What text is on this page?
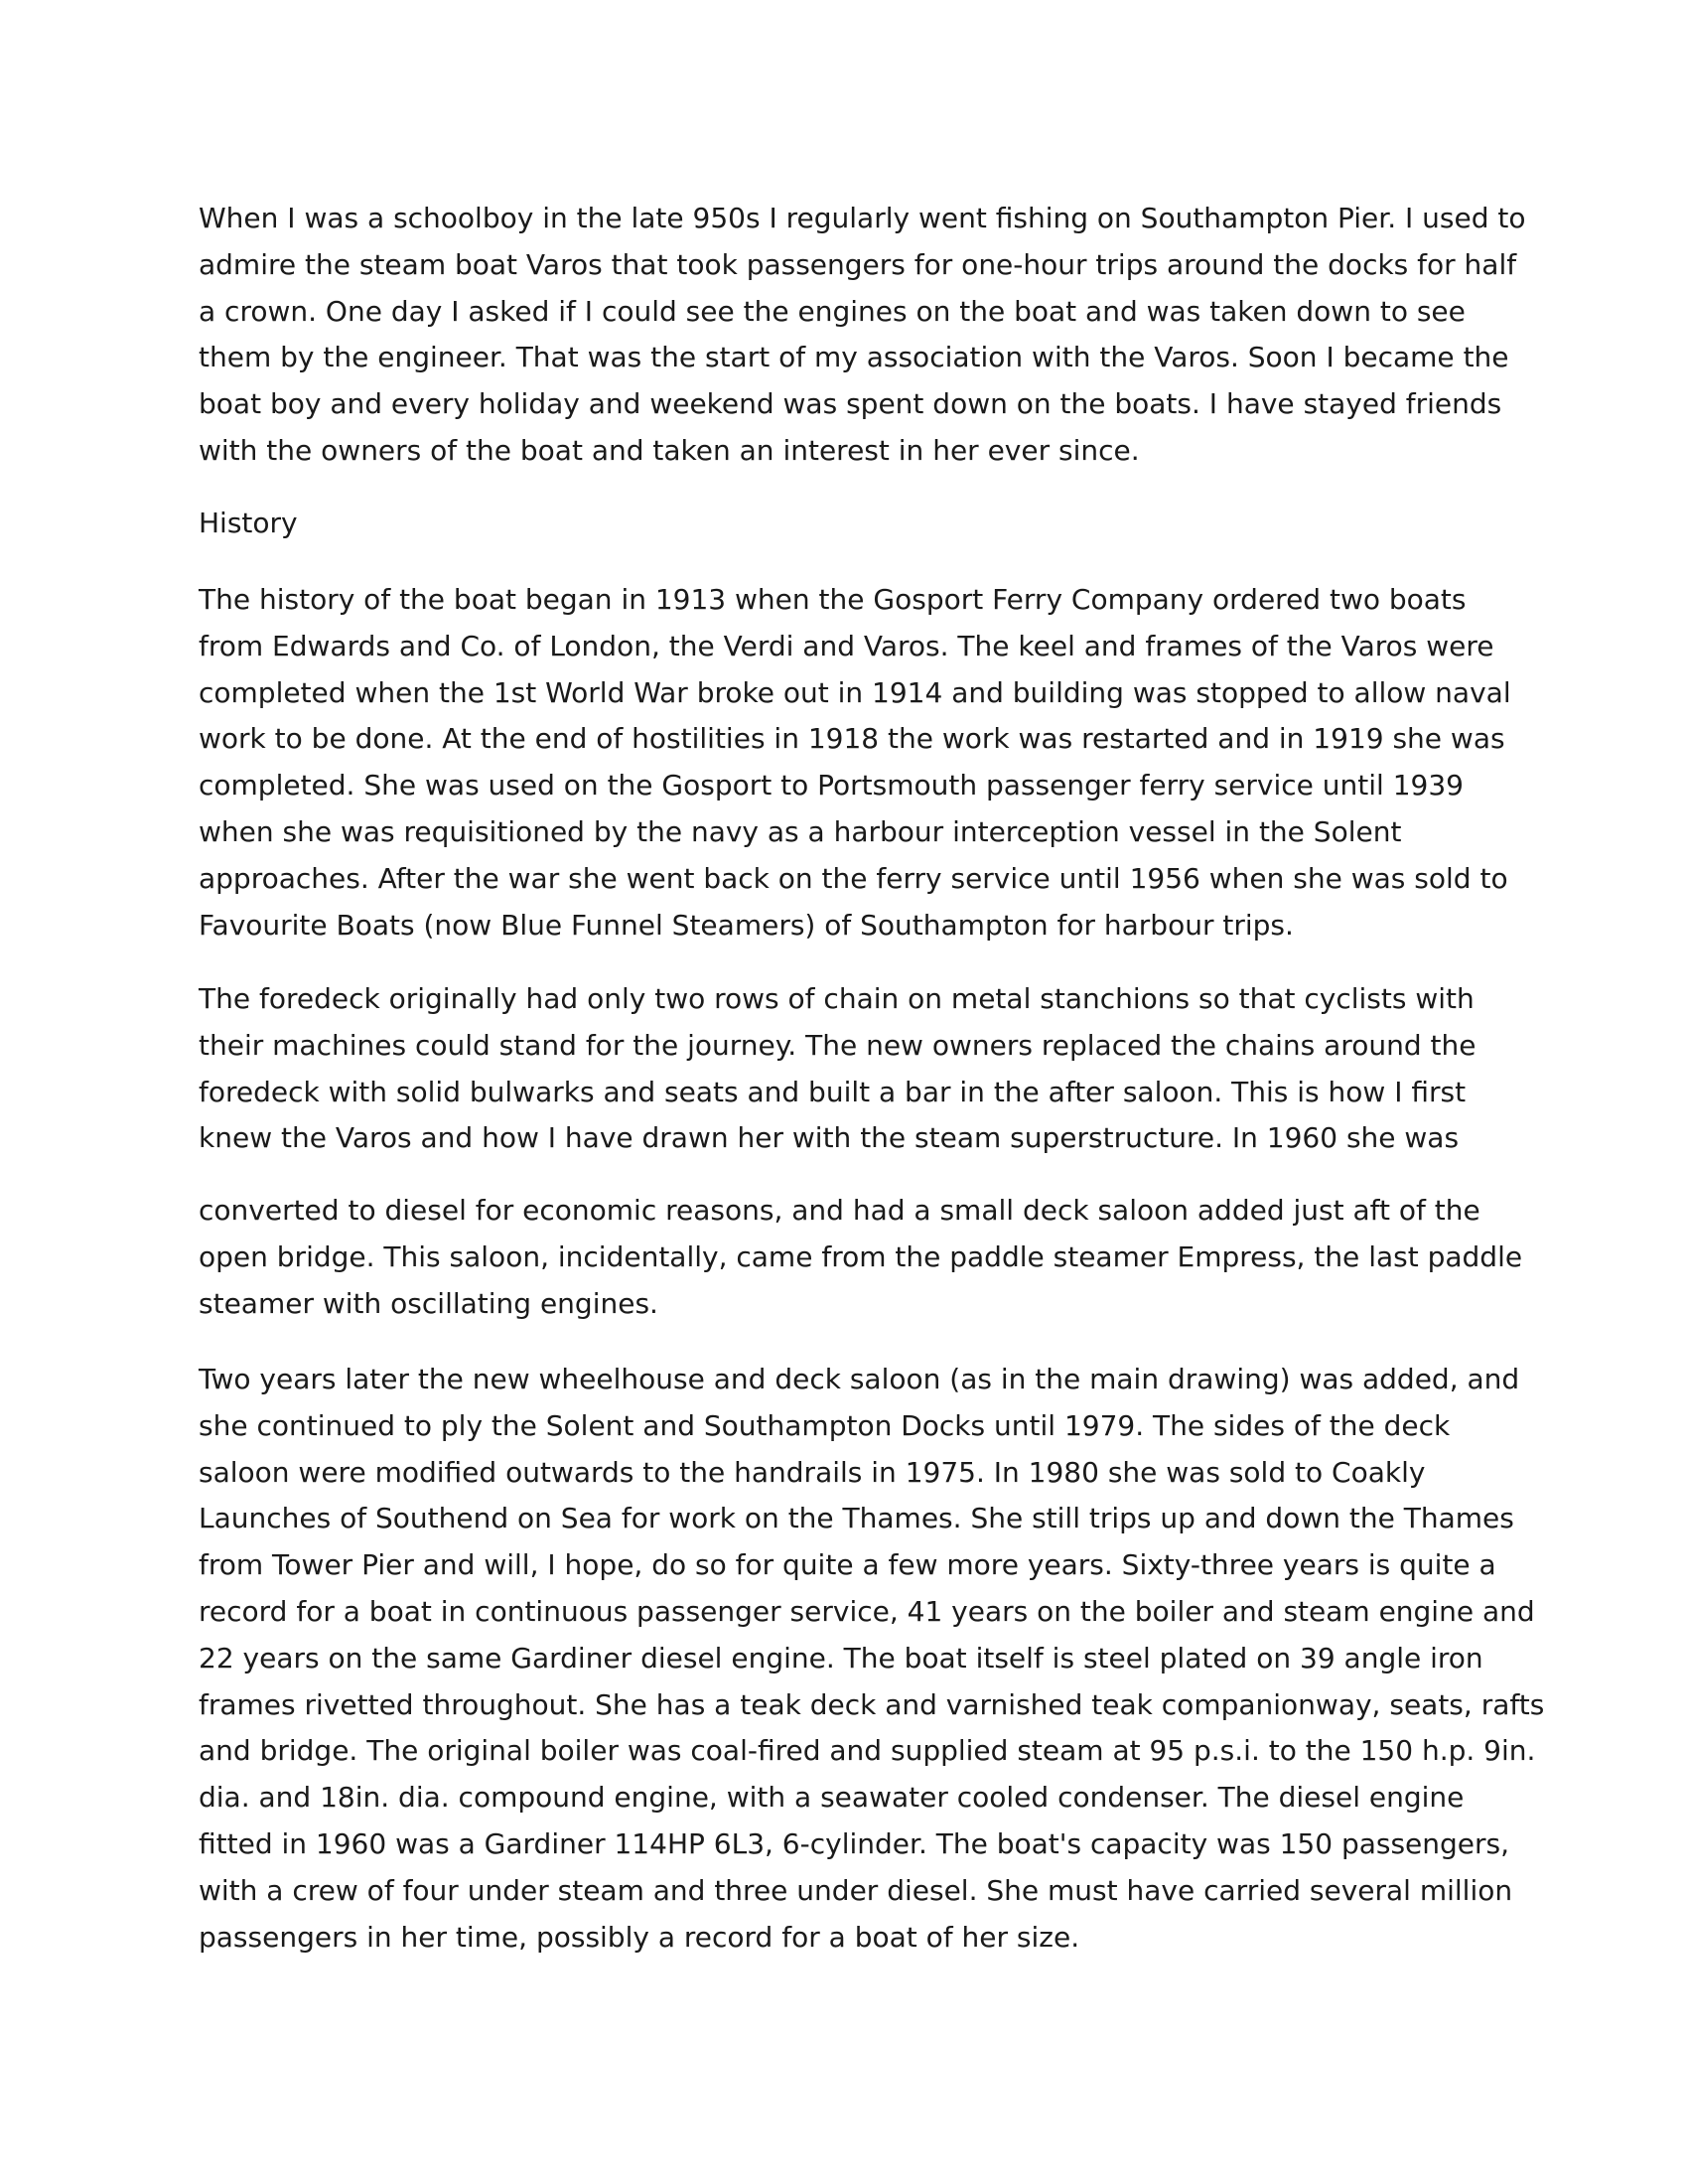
When I was a schoolboy in the late 950s I regularly went fishing on Southampton Pier. I used to
admire the steam boat Varos that took passengers for one-hour trips around the docks for half
a crown. One day I asked if I could see the engines on the boat and was taken down to see
them by the engineer. That was the start of my association with the Varos. Soon I became the
boat boy and every holiday and weekend was spent down on the boats. I have stayed friends
with the owners of the boat and taken an interest in her ever since.
History
The history of the boat began in 1913 when the Gosport Ferry Company ordered two boats
from Edwards and Co. of London, the Verdi and Varos. The keel and frames of the Varos were
completed when the 1st World War broke out in 1914 and building was stopped to allow naval
work to be done. At the end of hostilities in 1918 the work was restarted and in 1919 she was
completed. She was used on the Gosport to Portsmouth passenger ferry service until 1939
when she was requisitioned by the navy as a harbour interception vessel in the Solent
approaches. After the war she went back on the ferry service until 1956 when she was sold to
Favourite Boats (now Blue Funnel Steamers) of Southampton for harbour trips.
The foredeck originally had only two rows of chain on metal stanchions so that cyclists with
their machines could stand for the journey. The new owners replaced the chains around the
foredeck with solid bulwarks and seats and built a bar in the after saloon. This is how I first
knew the Varos and how I have drawn her with the steam superstructure. In 1960 she was
converted to diesel for economic reasons, and had a small deck saloon added just aft of the
open bridge. This saloon, incidentally, came from the paddle steamer Empress, the last paddle
steamer with oscillating engines.
Two years later the new wheelhouse and deck saloon (as in the main drawing) was added, and
she continued to ply the Solent and Southampton Docks until 1979. The sides of the deck
saloon were modified outwards to the handrails in 1975. In 1980 she was sold to Coakly
Launches of Southend on Sea for work on the Thames. She still trips up and down the Thames
from Tower Pier and will, I hope, do so for quite a few more years. Sixty-three years is quite a
record for a boat in continuous passenger service, 41 years on the boiler and steam engine and
22 years on the same Gardiner diesel engine. The boat itself is steel plated on 39 angle iron
frames rivetted throughout. She has a teak deck and varnished teak companionway, seats, rafts
and bridge. The original boiler was coal-fired and supplied steam at 95 p.s.i. to the 150 h.p. 9in.
dia. and 18in. dia. compound engine, with a seawater cooled condenser. The diesel engine
fitted in 1960 was a Gardiner 114HP 6L3, 6-cylinder. The boat's capacity was 150 passengers,
with a crew of four under steam and three under diesel. She must have carried several million
passengers in her time, possibly a record for a boat of her size.
